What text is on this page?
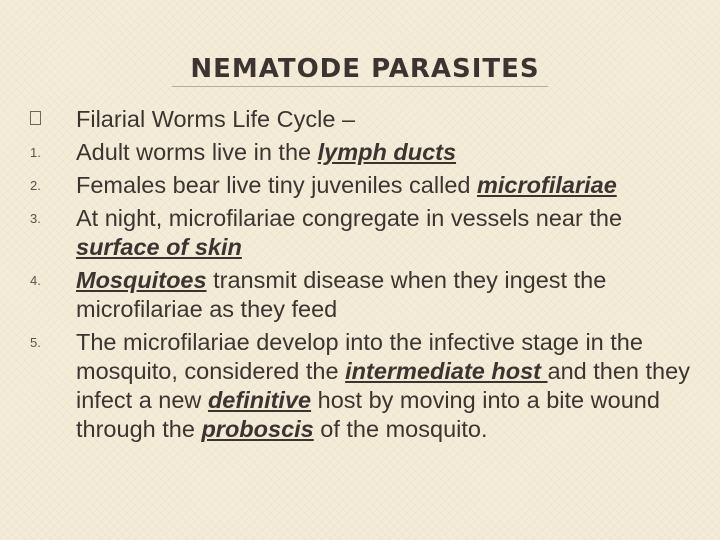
NEMATODE PARASITES
Filarial Worms Life Cycle –
1.	Adult worms live in the lymph ducts
2.	Females bear live tiny juveniles called microfilariae
3.	At night, microfilariae congregate in vessels near the surface of skin
4.	Mosquitoes transmit disease when they ingest the microfilariae as they feed
5.	The microfilariae develop into the infective stage in the mosquito, considered the intermediate host and then they infect a new definitive host by moving into a bite wound through the proboscis of the mosquito.
